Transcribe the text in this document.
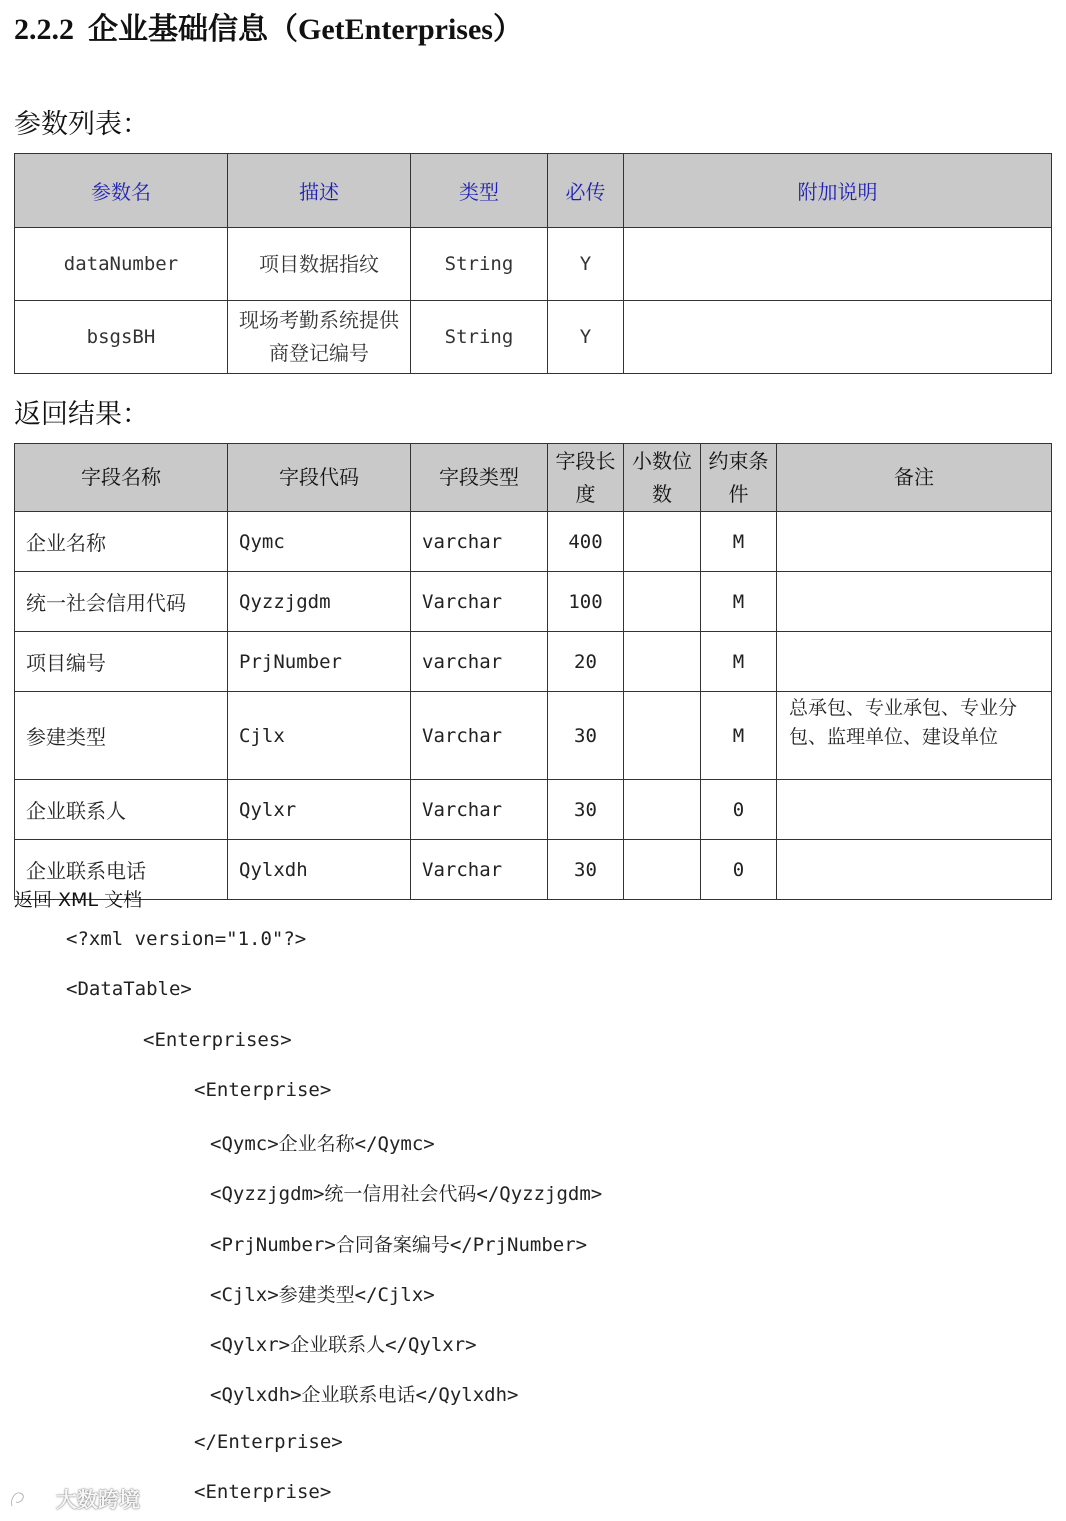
2.2.2 企业基础信息（GetEnterprises）
参数列表：
参数名	描述	类型	必传	附加说明
dataNumber	项目数据指纹	String	Y	
bsgsBH	现场考勤系统提供商登记编号	String	Y	
返回结果：
字段名称	字段代码	字段类型	字段长度	小数位数	约束条件	备注
企业名称	Qymc	varchar	400		M	
统一社会信用代码	Qyzzjgdm	Varchar	100		M	
项目编号	PrjNumber	varchar	20		M	
参建类型	Cjlx	Varchar	30		M	总承包、专业承包、专业分包、监理单位、建设单位
企业联系人	Qylxr	Varchar	30		0	
企业联系电话	Qylxdh	Varchar	30		0	
返回 XML 文档
<?xml version="1.0"?>
<DataTable>
<Enterprises>
<Enterprise>
<Qymc>企业名称</Qymc>
<Qyzzjgdm>统一信用社会代码</Qyzzjgdm>
<PrjNumber>合同备案编号</PrjNumber>
<Cjlx>参建类型</Cjlx>
<Qylxr>企业联系人</Qylxr>
<Qylxdh>企业联系电话</Qylxdh>
</Enterprise>
<Enterprise>
大数跨境
